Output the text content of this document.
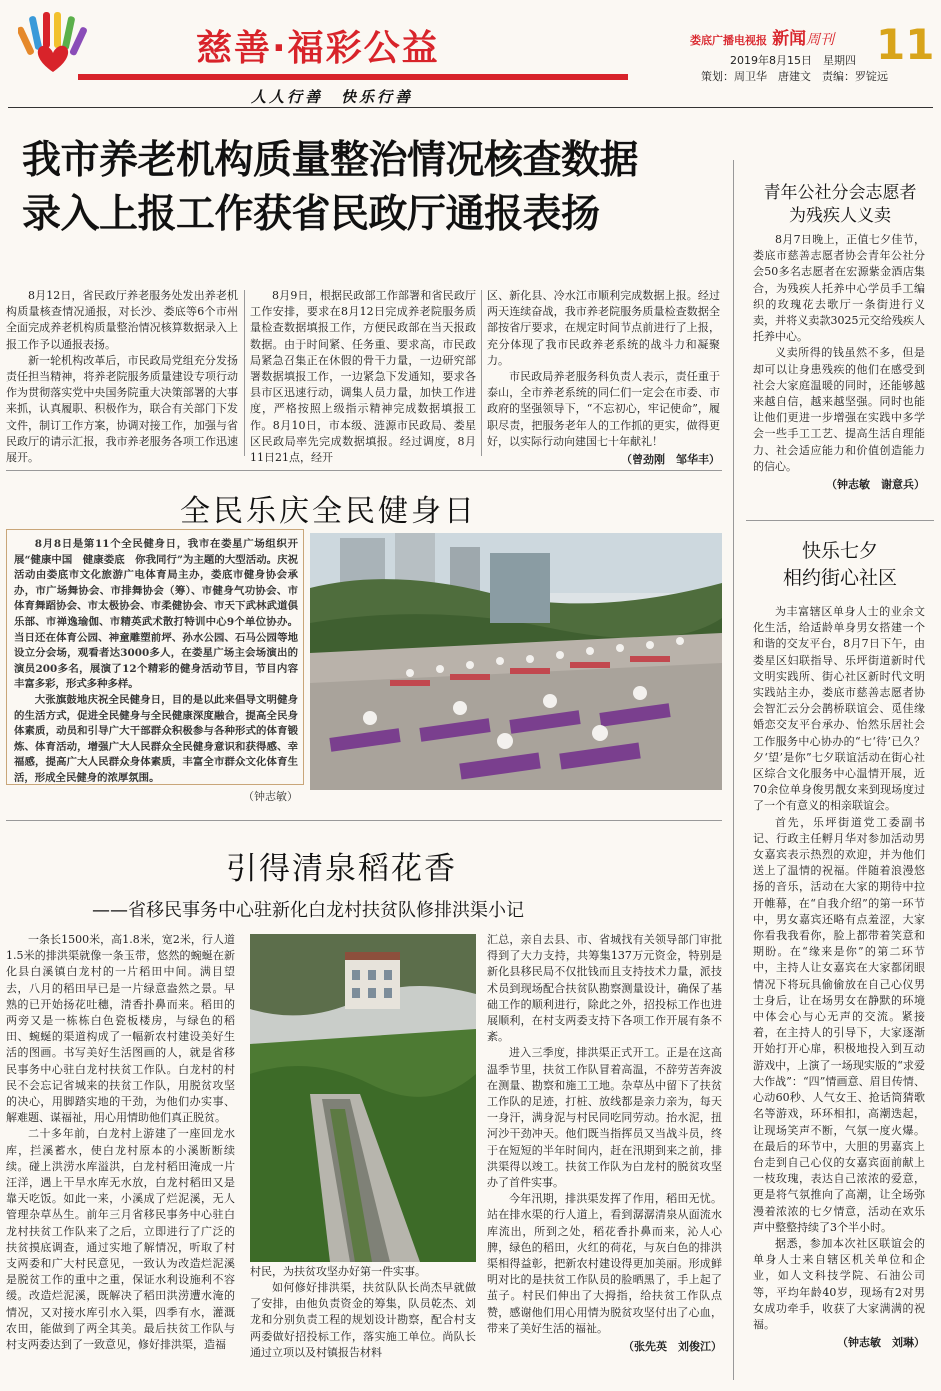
慈善·福彩公益
人人行善　快乐行善
娄底广播电视报 新闻周刊 11
2019年8月15日　星期四
策划：周卫华　唐建文　责编：罗锭远
我市养老机构质量整治情况核查数据
录入上报工作获省民政厅通报表扬

8月12日，省民政厅养老服务处发出养老机构质量核查情况通报，对长沙、娄底等6个市州全面完成养老机构质量整治情况核算数据录入上报工作予以通报表扬。

新一轮机构改革后，市民政局党组充分发扬责任担当精神，将养老院服务质量建设专项行动作为贯彻落实党中央国务院重大决策部署的大事来抓，认真履职、积极作为，联合有关部门下发文件，制订工作方案，协调对接工作，加强与省民政厅的请示汇报，我市养老服务各项工作迅速展开。

8月9日，根据民政部工作部署和省民政厅工作安排，要求在8月12日完成养老院服务质量检查数据填报工作，方便民政部在当天报政数据。由于时间紧、任务重、要求高，市民政局紧急召集正在休假的骨干力量，一边研究部署数据填报工作，一边紧急下发通知，要求各县市区迅速行动，调集人员力量，加快工作进度，严格按照上级指示精神完成数据填报工作。8月10日，市本级、涟源市民政局、娄星区民政局率先完成数据填报。经过调度，8月11日21点，经开

区、新化县、冷水江市顺利完成数据上报。经过两天连续奋战，我市养老院服务质量检查数据全部按省厅要求，在规定时间节点前进行了上报，充分体现了我市民政养老系统的战斗力和凝聚力。

市民政局养老服务科负责人表示，责任重于泰山，全市养老系统的同仁们一定会在市委、市政府的坚强领导下，“不忘初心，牢记使命”，履职尽责，把服务老年人的工作抓的更实，做得更好，以实际行动向建国七十年献礼！

（曾劲刚　邹华丰）
全民乐庆全民健身日

8月8日是第11个全民健身日，我市在娄星广场组织开展“健康中国　健康娄底　你我同行”为主题的大型活动。庆祝活动由娄底市文化旅游广电体育局主办，娄底市健身协会承办，市广场舞协会、市排舞协会（筹）、市健身气功协会、市体育舞蹈协会、市太极协会、市柔健协会、市天下武林武道俱乐部、市禅逸瑜伽、市精英武术散打特训中心9个单位协办。当日还在体育公园、神童雕塑前坪、孙水公园、石马公园等地设立分会场，观看者达3000多人，在娄星广场主会场演出的演员200多名，展演了12个精彩的健身活动节目，节目内容丰富多彩，形式多种多样。

大张旗鼓地庆祝全民健身日，目的是以此来倡导文明健身的生活方式，促进全民健身与全民健康深度融合，提高全民身体素质，动员和引导广大干部群众积极参与各种形式的体育锻炼、体育活动，增强广大人民群众全民健身意识和获得感、幸福感，提高广大人民群众身体素质，丰富全市群众文化体育生活，形成全民健身的浓厚氛围。

（钟志敏）
引得清泉稻花香
——省移民事务中心驻新化白龙村扶贫队修排洪渠小记

一条长1500米，高1.8米，宽2米，行人道1.5米的排洪渠就像一条玉带，悠然的蜿蜒在新化县白溪镇白龙村的一片稻田中间。满目望去，八月的稻田早已是一片绿意盎然之景。早熟的已开始扬花吐穗，清香扑鼻而来。稻田的两旁又是一栋栋白色瓷板楼房，与绿色的稻田、蜿蜒的渠道构成了一幅新农村建设美好生活的图画。书写美好生活图画的人，就是省移民事务中心驻白龙村扶贫工作队。白龙村的村民不会忘记省城来的扶贫工作队，用脱贫攻坚的决心，用脚踏实地的干劲，为他们办实事、解难题、谋福祉，用心用情助他们真正脱贫。

二十多年前，白龙村上游建了一座回龙水库，拦溪蓄水，使白龙村原本的小溪断断续续。碰上洪涝水库溢洪，白龙村稻田淹成一片汪洋，遇上干旱水库无水放，白龙村稻田又是靠天吃饭。如此一来，小溪成了烂泥溪，无人管理杂草丛生。前年三月省移民事务中心驻白龙村扶贫工作队来了之后，立即进行了广泛的扶贫摸底调查，通过实地了解情况，听取了村支两委和广大村民意见，一致认为改造烂泥溪是脱贫工作的重中之重，保证水利设施利不容缓。改造烂泥溪，既解决了稻田洪涝遭水淹的情况，又对接水库引水入渠，四季有水，灌溉农田，能做到了两全其美。最后扶贫工作队与村支两委达到了一致意见，修好排洪渠，造福

村民，为扶贫攻坚办好第一件实事。

如何修好排洪渠，扶贫队队长尚杰早就做了安排，由他负责资金的筹集，队员乾杰、刘龙和分别负责工程的规划设计勘察，配合村支两委做好招投标工作，落实施工单位。尚队长通过立项以及村镇报告材料

汇总，亲自去县、市、省城找有关领导部门审批得到了大力支持，共筹集137万元资金，特别是新化县移民局不仅批钱而且支持技术力量，派技术员到现场配合扶贫队勘察测量设计，确保了基础工作的顺利进行，除此之外，招投标工作也进展顺利，在村支两委支持下各项工作开展有条不紊。

进入三季度，排洪渠正式开工。正是在这高温季节里，扶贫工作队冒着高温，不辞劳苦奔波在测量、勘察和施工工地。杂草丛中留下了扶贫工作队的足迹，打桩、放线都是亲力亲为，每天一身汗，满身泥与村民同吃同劳动。抬水泥，扭河沙干劲冲天。他们既当指挥员又当战斗员，终于在短短的半年时间内，赶在汛期到来之前，排洪渠得以竣工。扶贫工作队为白龙村的脱贫攻坚办了首件实事。

今年汛期，排洪渠发挥了作用，稻田无忧。站在排水渠的行人道上，看到潺潺清泉从面流水库流出，所到之处，稻花香扑鼻而来，沁人心脾，绿色的稻田，火红的荷花，与灰白色的排洪渠相得益彰，把新农村建设得更加美丽。形成鲜明对比的是扶贫工作队员的脸晒黑了，手上起了茧子。村民们伸出了大拇指，给扶贫工作队点赞，感谢他们用心用情为脱贫攻坚付出了心血，带来了美好生活的福祉。

（张先英　刘俊江）
青年公社分会志愿者
为残疾人义卖

8月7日晚上，正值七夕佳节，娄底市慈善志愿者协会青年公社分会50多名志愿者在宏源紫金酒店集合，为残疾人托养中心学员手工编织的玫瑰花去歌厅一条街进行义卖，并将义卖款3025元交给残疾人托养中心。

义卖所得的钱虽然不多，但是却可以让身患残疾的他们在感受到社会大家庭温暖的同时，还能够越来越自信，越来越坚强。同时也能让他们更进一步增强在实践中多学会一些手工工艺、提高生活自理能力、社会适应能力和价值创造能力的信心。

（钟志敏　谢意兵）
快乐七夕
相约街心社区

为丰富辖区单身人士的业余文化生活，给适龄单身男女搭建一个和谐的交友平台，8月7日下午，由娄星区妇联指导、乐坪街道新时代文明实践所、街心社区新时代文明实践站主办，娄底市慈善志愿者协会智汇云分会鹊桥联谊会、觅佳缘婚恋交友平台承办、怡然乐居社会工作服务中心协办的“七‘待’已久？夕‘望’是你”七夕联谊活动在街心社区综合文化服务中心温情开展，近70余位单身俊男靓女来到现场度过了一个有意义的相亲联谊会。

首先，乐坪街道党工委副书记、行政主任孵月华对参加活动男女嘉宾表示热烈的欢迎，并为他们送上了温情的祝福。伴随着浪漫悠扬的音乐，活动在大家的期待中拉开帷幕，在“自我介绍”的第一环节中，男女嘉宾还略有点羞涩，大家你看我我看你，脸上都带着笑意和期盼。在“缘来是你”的第二环节中，主持人让女嘉宾在大家都闭眼情况下将玩具偷偷放在自己心仪男士身后，让在场男女在静默的环境中体会心与心无声的交流。紧接着，在主持人的引导下，大家逐渐开始打开心扉，积极地投入到互动游戏中，上演了一场现实版的“求爱大作战”：“四”情画意、眉目传情、心动60秒、人气女王、抢话筒猜歌名等游戏，环环相扣，高潮迭起，让现场笑声不断，气氛一度火爆。在最后的环节中，大胆的男嘉宾上台走到自己心仪的女嘉宾面前献上一枝玫瑰，表达自己浓浓的爱意，更是将气氛推向了高潮，让全场弥漫着浓浓的七夕情意，活动在欢乐声中整整持续了3个半小时。

据悉，参加本次社区联谊会的单身人士来自辖区机关单位和企业，如人文科技学院、石油公司等，平均年龄40岁，现场有2对男女成功牵手，收获了大家满满的祝福。

（钟志敏　刘琳）
